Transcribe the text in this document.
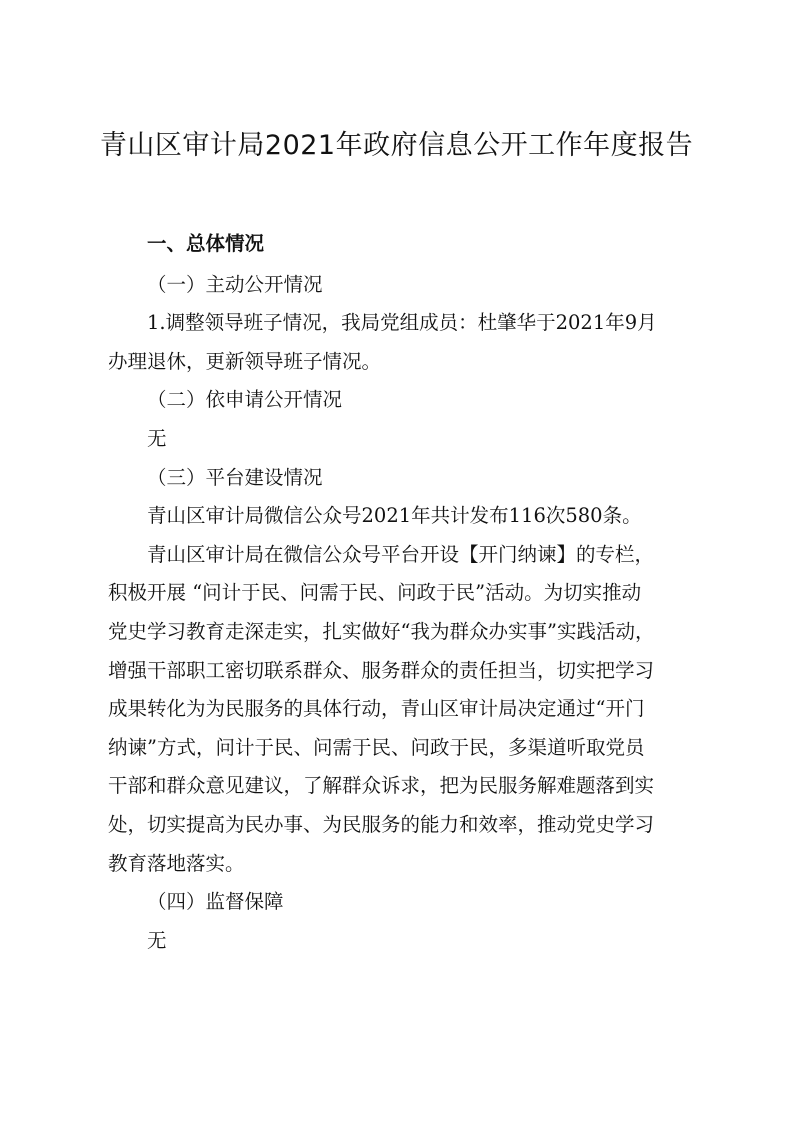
青山区审计局2021年政府信息公开工作年度报告

一、总体情况

（一）主动公开情况

1.调整领导班子情况，我局党组成员：杜肇华于2021年9月
办理退休，更新领导班子情况。

（二）依申请公开情况

无

（三）平台建设情况

青山区审计局微信公众号2021年共计发布116次580条。

青山区审计局在微信公众号平台开设【开门纳谏】的专栏，
积极开展 “问计于民、问需于民、问政于民”活动。为切实推动
党史学习教育走深走实，扎实做好“我为群众办实事”实践活动，
增强干部职工密切联系群众、服务群众的责任担当，切实把学习
成果转化为为民服务的具体行动，青山区审计局决定通过“开门
纳谏”方式，问计于民、问需于民、问政于民，多渠道听取党员
干部和群众意见建议，了解群众诉求，把为民服务解难题落到实
处，切实提高为民办事、为民服务的能力和效率，推动党史学习
教育落地落实。

（四）监督保障

无
